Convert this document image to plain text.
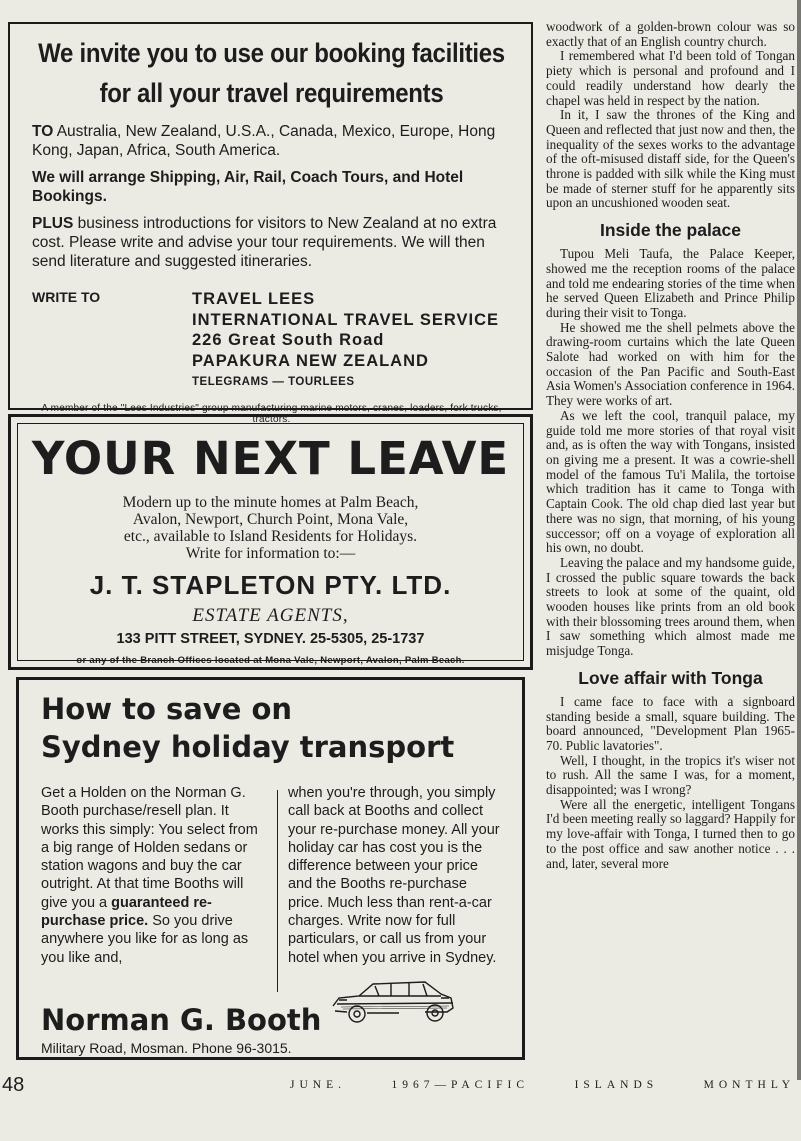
We invite you to use our booking facilities
for all your travel requirements

TO Australia, New Zealand, U.S.A., Canada, Mexico, Europe, Hong Kong, Japan, Africa, South America.

We will arrange Shipping, Air, Rail, Coach Tours, and Hotel Bookings.

PLUS business introductions for visitors to New Zealand at no extra cost. Please write and advise your tour requirements. We will then send literature and suggested itineraries.

WRITE TO	TRAVEL LEES
INTERNATIONAL TRAVEL SERVICE
226 Great South Road
PAPAKURA NEW ZEALAND
TELEGRAMS — TOURLEES
A member of the "Lees Industries" group manufacturing marine motors, cranes, loaders, fork trucks, tractors.
YOUR NEXT LEAVE
Modern up to the minute homes at Palm Beach, Avalon, Newport, Church Point, Mona Vale, etc., available to Island Residents for Holidays. Write for information to:—
J. T. STAPLETON PTY. LTD.
ESTATE AGENTS,
133 PITT STREET, SYDNEY. 25-5305, 25-1737
or any of the Branch Offices located at Mona Vale, Newport, Avalon, Palm Beach.
How to save on
Sydney holiday transport
Get a Holden on the Norman G. Booth purchase/resell plan. It works this simply: You select from a big range of Holden sedans or station wagons and buy the car outright. At that time Booths will give you a guaranteed re-purchase price. So you drive anywhere you like for as long as you like and,
when you're through, you simply call back at Booths and collect your re-purchase money. All your holiday car has cost you is the difference between your price and the Booths re-purchase price. Much less than rent-a-car charges. Write now for full particulars, or call us from your hotel when you arrive in Sydney.
Norman G. Booth
Military Road, Mosman. Phone 96-3015.

woodwork of a golden-brown colour was so exactly that of an English country church.

I remembered what I'd been told of Tongan piety which is personal and profound and I could readily understand how dearly the chapel was held in respect by the nation.

In it, I saw the thrones of the King and Queen and reflected that just now and then, the inequality of the sexes works to the advantage of the oft-misused distaff side, for the Queen's throne is padded with silk while the King must be made of sterner stuff for he apparently sits upon an uncushioned wooden seat.

Inside the palace

Tupou Meli Taufa, the Palace Keeper, showed me the reception rooms of the palace and told me endearing stories of the time when he served Queen Elizabeth and Prince Philip during their visit to Tonga.

He showed me the shell pelmets above the drawing-room curtains which the late Queen Salote had worked on with him for the occasion of the Pan Pacific and South-East Asia Women's Association conference in 1964. They were works of art.

As we left the cool, tranquil palace, my guide told me more stories of that royal visit and, as is often the way with Tongans, insisted on giving me a present. It was a cowrie-shell model of the famous Tu'i Malila, the tortoise which tradition has it came to Tonga with Captain Cook. The old chap died last year but there was no sign, that morning, of his young successor; off on a voyage of exploration all his own, no doubt.

Leaving the palace and my handsome guide, I crossed the public square towards the back streets to look at some of the quaint, old wooden houses like prints from an old book with their blossoming trees around them, when I saw something which almost made me misjudge Tonga.

Love affair with Tonga

I came face to face with a signboard standing beside a small, square building. The board announced, "Development Plan 1965-70. Public lavatories".

Well, I thought, in the tropics it's wiser not to rush. All the same I was, for a moment, disappointed; was I wrong?

Were all the energetic, intelligent Tongans I'd been meeting really so laggard? Happily for my love-affair with Tonga, I turned then to go to the post office and saw another notice . . . and, later, several more

48	JUNE.	1967—PACIFIC	ISLANDS	MONTHLY
